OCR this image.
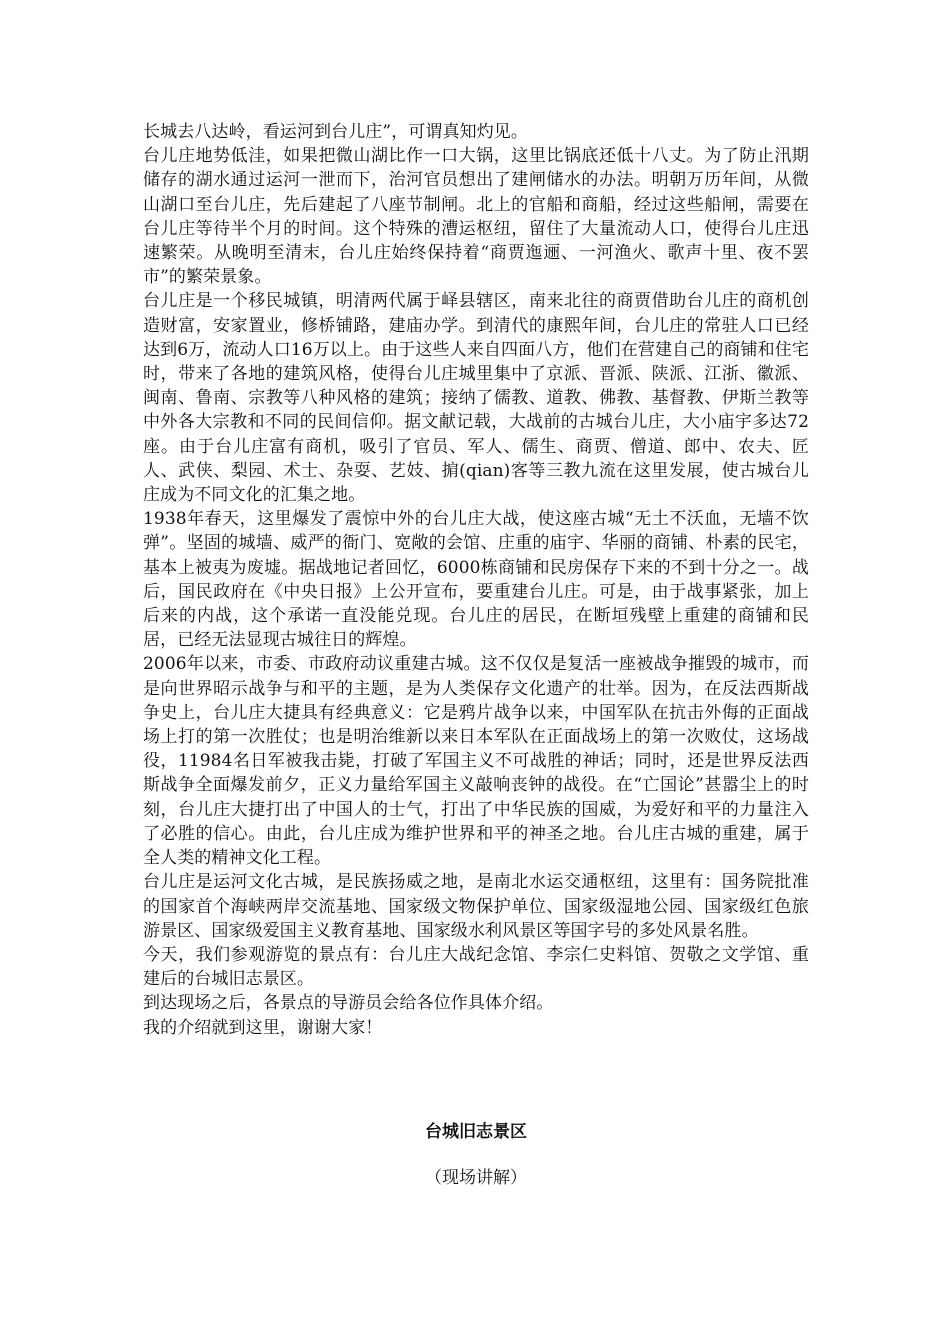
长城去八达岭，看运河到台儿庄”，可谓真知灼见。

台儿庄地势低洼，如果把微山湖比作一口大锅，这里比锅底还低十八丈。为了防止汛期储存的湖水通过运河一泄而下，治河官员想出了建闸储水的办法。明朝万历年间，从微山湖口至台儿庄，先后建起了八座节制闸。北上的官船和商船，经过这些船闸，需要在台儿庄等待半个月的时间。这个特殊的漕运枢纽，留住了大量流动人口，使得台儿庄迅速繁荣。从晚明至清末，台儿庄始终保持着“商贾迤逦、一河渔火、歌声十里、夜不罢市”的繁荣景象。

台儿庄是一个移民城镇，明清两代属于峄县辖区，南来北往的商贾借助台儿庄的商机创造财富，安家置业，修桥铺路，建庙办学。到清代的康熙年间，台儿庄的常驻人口已经达到6万，流动人口16万以上。由于这些人来自四面八方，他们在营建自己的商铺和住宅时，带来了各地的建筑风格，使得台儿庄城里集中了京派、晋派、陕派、江浙、徽派、闽南、鲁南、宗教等八种风格的建筑；接纳了儒教、道教、佛教、基督教、伊斯兰教等中外各大宗教和不同的民间信仰。据文献记载，大战前的古城台儿庄，大小庙宇多达72座。由于台儿庄富有商机，吸引了官员、军人、儒生、商贾、僧道、郎中、农夫、匠人、武侠、梨园、术士、杂耍、艺妓、掮(qian)客等三教九流在这里发展，使古城台儿庄成为不同文化的汇集之地。

1938年春天，这里爆发了震惊中外的台儿庄大战，使这座古城“无土不沃血，无墙不饮弹”。坚固的城墙、威严的衙门、宽敞的会馆、庄重的庙宇、华丽的商铺、朴素的民宅，基本上被夷为废墟。据战地记者回忆，6000栋商铺和民房保存下来的不到十分之一。战后，国民政府在《中央日报》上公开宣布，要重建台儿庄。可是，由于战事紧张，加上后来的内战，这个承诺一直没能兑现。台儿庄的居民，在断垣残壁上重建的商铺和民居，已经无法显现古城往日的辉煌。

2006年以来，市委、市政府动议重建古城。这不仅仅是复活一座被战争摧毁的城市，而是向世界昭示战争与和平的主题，是为人类保存文化遗产的壮举。因为，在反法西斯战争史上，台儿庄大捷具有经典意义：它是鸦片战争以来，中国军队在抗击外侮的正面战场上打的第一次胜仗；也是明治维新以来日本军队在正面战场上的第一次败仗，这场战役，11984名日军被我击毙，打破了军国主义不可战胜的神话；同时，还是世界反法西斯战争全面爆发前夕，正义力量给军国主义敲响丧钟的战役。在“亡国论”甚嚣尘上的时刻，台儿庄大捷打出了中国人的士气，打出了中华民族的国威，为爱好和平的力量注入了必胜的信心。由此，台儿庄成为维护世界和平的神圣之地。台儿庄古城的重建，属于全人类的精神文化工程。

台儿庄是运河文化古城，是民族扬威之地，是南北水运交通枢纽，这里有：国务院批准的国家首个海峡两岸交流基地、国家级文物保护单位、国家级湿地公园、国家级红色旅游景区、国家级爱国主义教育基地、国家级水利风景区等国字号的多处风景名胜。

今天，我们参观游览的景点有：台儿庄大战纪念馆、李宗仁史料馆、贺敬之文学馆、重建后的台城旧志景区。

到达现场之后，各景点的导游员会给各位作具体介绍。

我的介绍就到这里，谢谢大家！

台城旧志景区
（现场讲解）
